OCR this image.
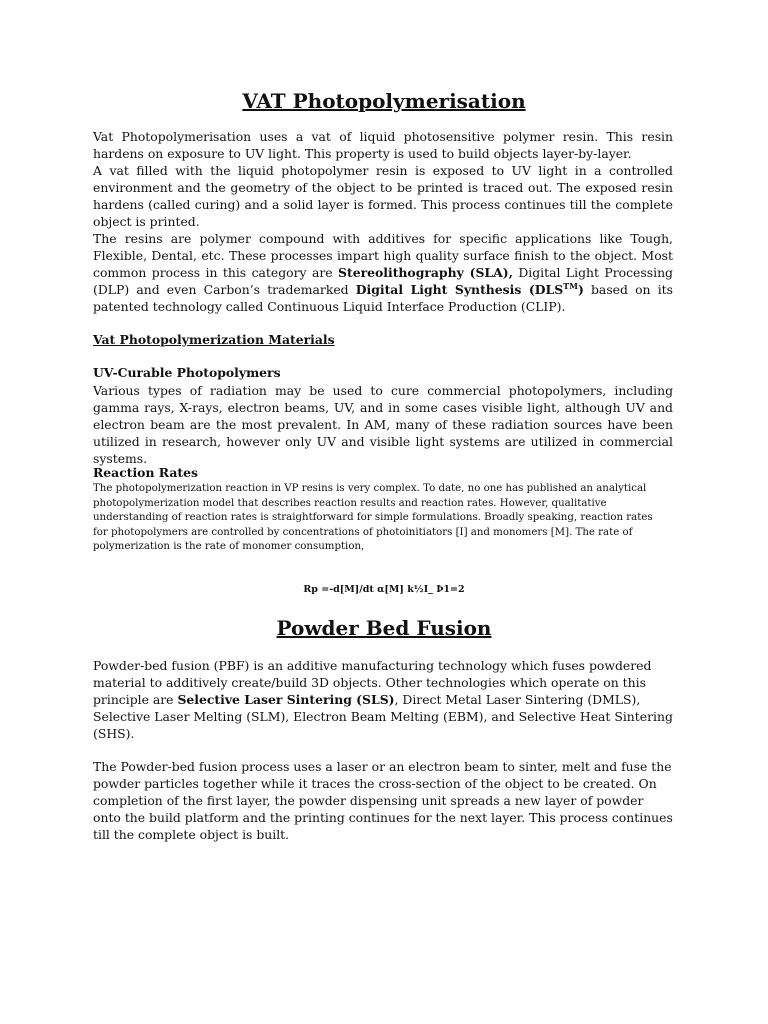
VAT Photopolymerisation

Vat Photopolymerisation uses a vat of liquid photosensitive polymer resin. This resin hardens on exposure to UV light. This property is used to build objects layer-by-layer.

A vat filled with the liquid photopolymer resin is exposed to UV light in a controlled environment and the geometry of the object to be printed is traced out. The exposed resin hardens (called curing) and a solid layer is formed. This process continues till the complete object is printed.

The resins are polymer compound with additives for specific applications like Tough, Flexible, Dental, etc. These processes impart high quality surface finish to the object. Most common process in this category are Stereolithography (SLA), Digital Light Processing (DLP) and even Carbon’s trademarked Digital Light Synthesis (DLS™) based on its patented technology called Continuous Liquid Interface Production (CLIP).

Vat Photopolymerization Materials

UV-Curable Photopolymers

Various types of radiation may be used to cure commercial photopolymers, including gamma rays, X-rays, electron beams, UV, and in some cases visible light, although UV and electron beam are the most prevalent. In AM, many of these radiation sources have been utilized in research, however only UV and visible light systems are utilized in commercial systems.

Reaction Rates

The photopolymerization reaction in VP resins is very complex. To date, no one has published an analytical photopolymerization model that describes reaction results and reaction rates. However, qualitative understanding of reaction rates is straightforward for simple formulations. Broadly speaking, reaction rates for photopolymers are controlled by concentrations of photoinitiators [I] and monomers [M]. The rate of polymerization is the rate of monomer consumption,

Rp =-d[M]/dt α[M] k½I_ Þ1=2

Powder Bed Fusion

Powder-bed fusion (PBF) is an additive manufacturing technology which fuses powdered material to additively create/build 3D objects. Other technologies which operate on this principle are Selective Laser Sintering (SLS), Direct Metal Laser Sintering (DMLS), Selective Laser Melting (SLM), Electron Beam Melting (EBM), and Selective Heat Sintering (SHS).

The Powder-bed fusion process uses a laser or an electron beam to sinter, melt and fuse the powder particles together while it traces the cross-section of the object to be created. On completion of the first layer, the powder dispensing unit spreads a new layer of powder onto the build platform and the printing continues for the next layer. This process continues till the complete object is built.
